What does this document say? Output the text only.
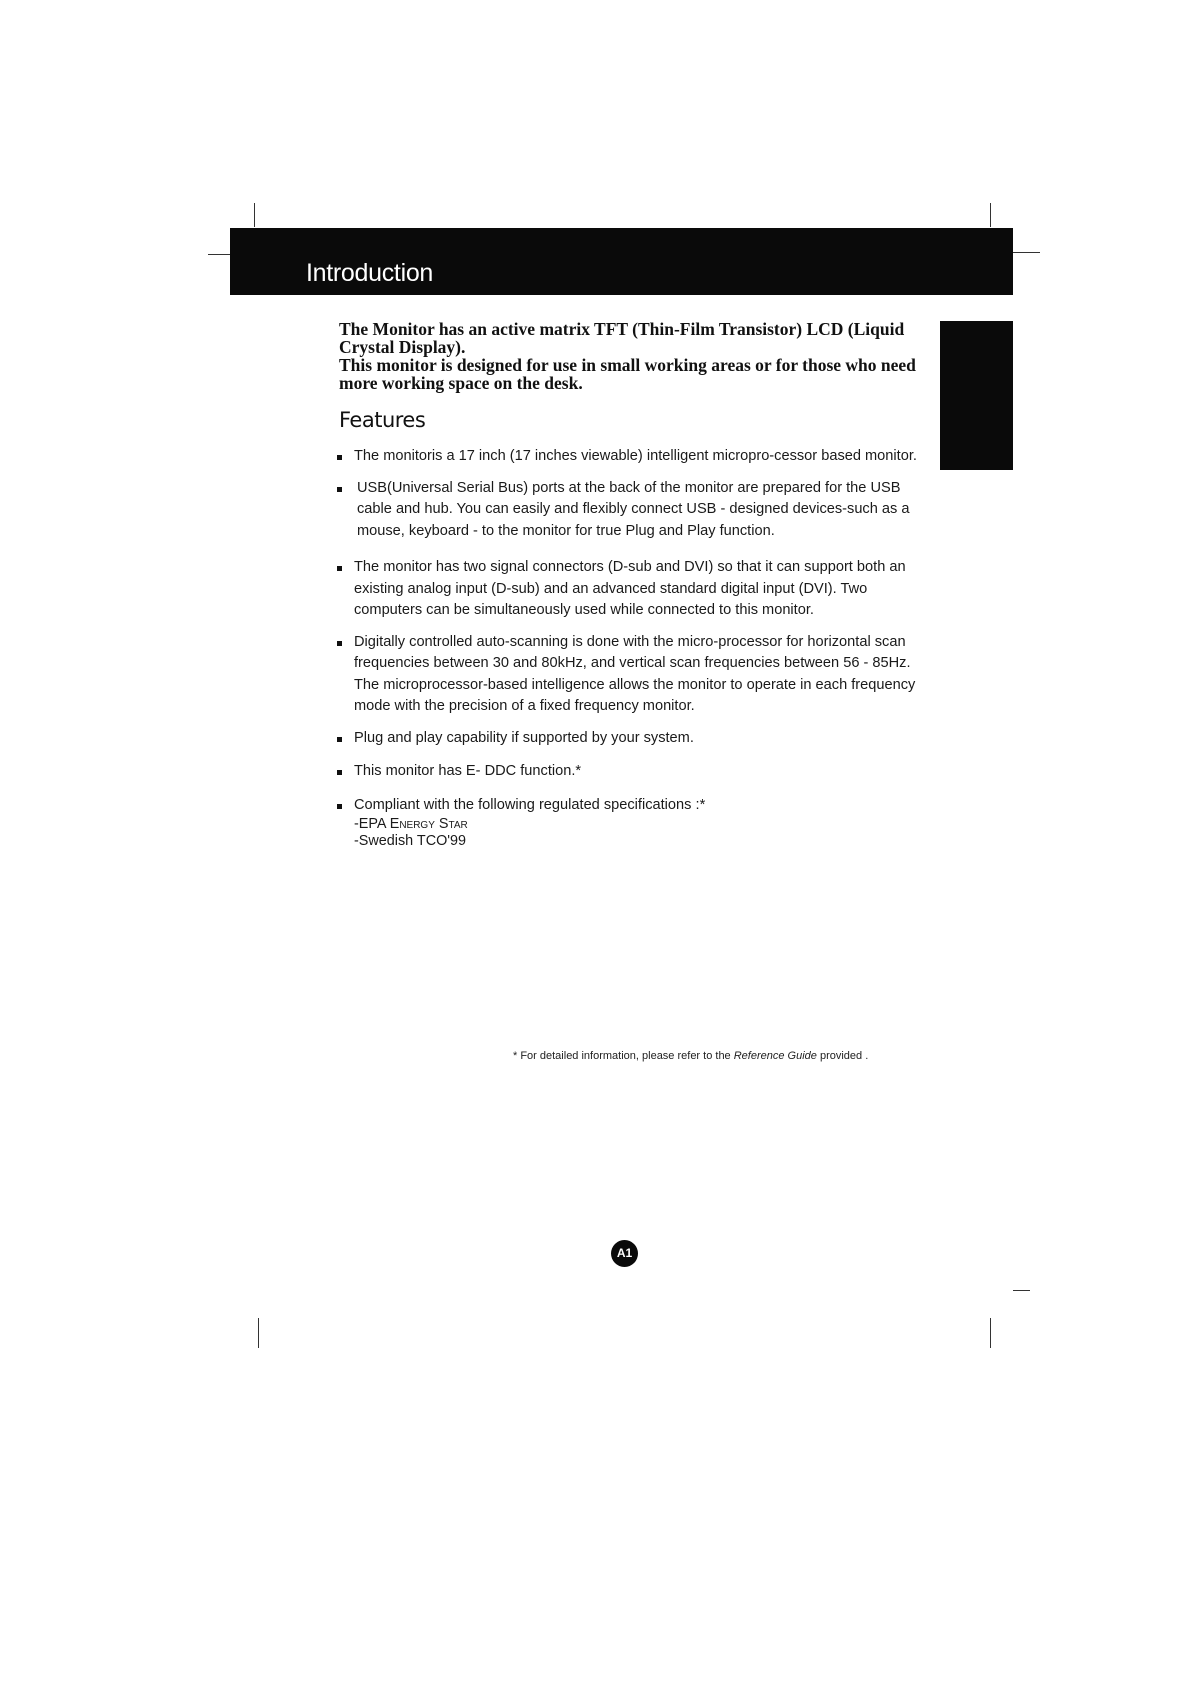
Introduction

The Monitor has an active matrix TFT (Thin-Film Transistor) LCD (Liquid Crystal Display).

This monitor is designed for use in small working areas or for those who need more working space on the desk.

Features
The monitoris a 17 inch (17 inches viewable) intelligent micropro-cessor based monitor.
USB(Universal Serial Bus) ports at the back of the monitor are prepared for the USB cable and hub. You can easily and flexibly connect USB - designed devices-such as a mouse, keyboard - to the monitor for true Plug and Play function.
The monitor has two signal connectors (D-sub and DVI) so that it can support both an existing analog input (D-sub) and an advanced standard digital input (DVI). Two computers can be simultaneously used while connected to this monitor.
Digitally controlled auto-scanning is done with the micro-processor for horizontal scan frequencies between 30 and 80kHz, and vertical scan frequencies between 56 - 85Hz. The microprocessor-based intelligence allows the monitor to operate in each frequency mode with the precision of a fixed frequency monitor.
Plug and play capability if supported by your system.
This monitor has E- DDC function.*
Compliant with the following regulated specifications :*
-EPA Energy Star
-Swedish TCO'99
* For detailed information, please refer to the Reference Guide provided .
A1
